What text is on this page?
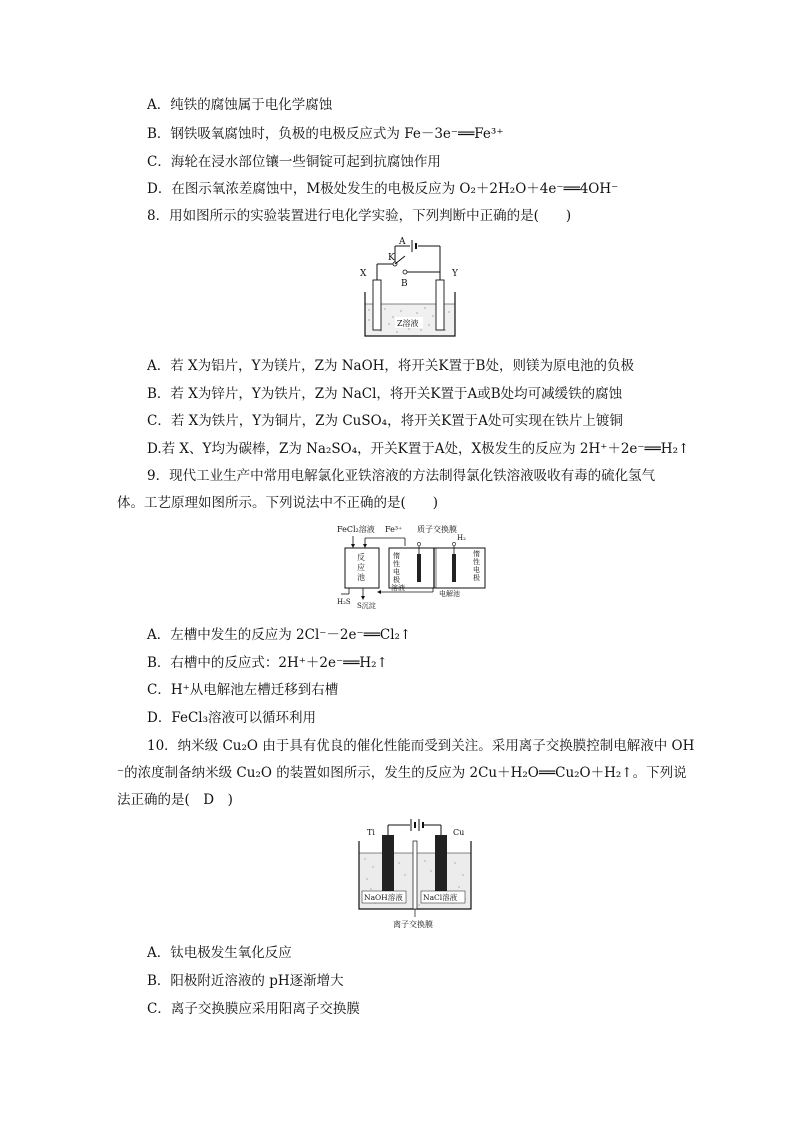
A．纯铁的腐蚀属于电化学腐蚀
B．钢铁吸氧腐蚀时，负极的电极反应式为 Fe－3e⁻══Fe³⁺
C．海轮在浸水部位镶一些铜锭可起到抗腐蚀作用
D．在图示氧浓差腐蚀中，M极处发生的电极反应为 O₂＋2H₂O＋4e⁻══4OH⁻
8．用如图所示的实验装置进行电化学实验，下列判断中正确的是(　　)
A
K
B
X	Y
Z溶液
A．若 X为铝片，Y为镁片，Z为 NaOH，将开关K置于B处，则镁为原电池的负极
B．若 X为锌片，Y为铁片，Z为 NaCl，将开关K置于A或B处均可减缓铁的腐蚀
C．若 X为铁片，Y为铜片，Z为 CuSO₄，将开关K置于A处可实现在铁片上镀铜
D.若 X、Y均为碳棒，Z为 Na₂SO₄，开关K置于A处，X极发生的反应为 2H⁺＋2e⁻══H₂↑
9．现代工业生产中常用电解氯化亚铁溶液的方法制得氯化铁溶液吸收有毒的硫化氢气
体。工艺原理如图所示。下列说法中不正确的是(　　)
FeCl₂溶液 Fe³⁺ 质子交换膜
H₂
反
应
池
惰
性
电
极
惰
性
电
极
溶液
电解池
H₂S S沉淀
A．左槽中发生的反应为 2Cl⁻－2e⁻══Cl₂↑
B．右槽中的反应式：2H⁺＋2e⁻══H₂↑
C．H⁺从电解池左槽迁移到右槽
D．FeCl₃溶液可以循环利用
10．纳米级 Cu₂O 由于具有优良的催化性能而受到关注。采用离子交换膜控制电解液中 OH
⁻的浓度制备纳米级 Cu₂O 的装置如图所示，发生的反应为 2Cu＋H₂O══Cu₂O＋H₂↑。下列说
法正确的是(　D　)
Ti	Cu
NaOH溶液	NaCl溶液
离子交换膜
A．钛电极发生氧化反应
B．阳极附近溶液的 pH逐渐增大
C．离子交换膜应采用阳离子交换膜
